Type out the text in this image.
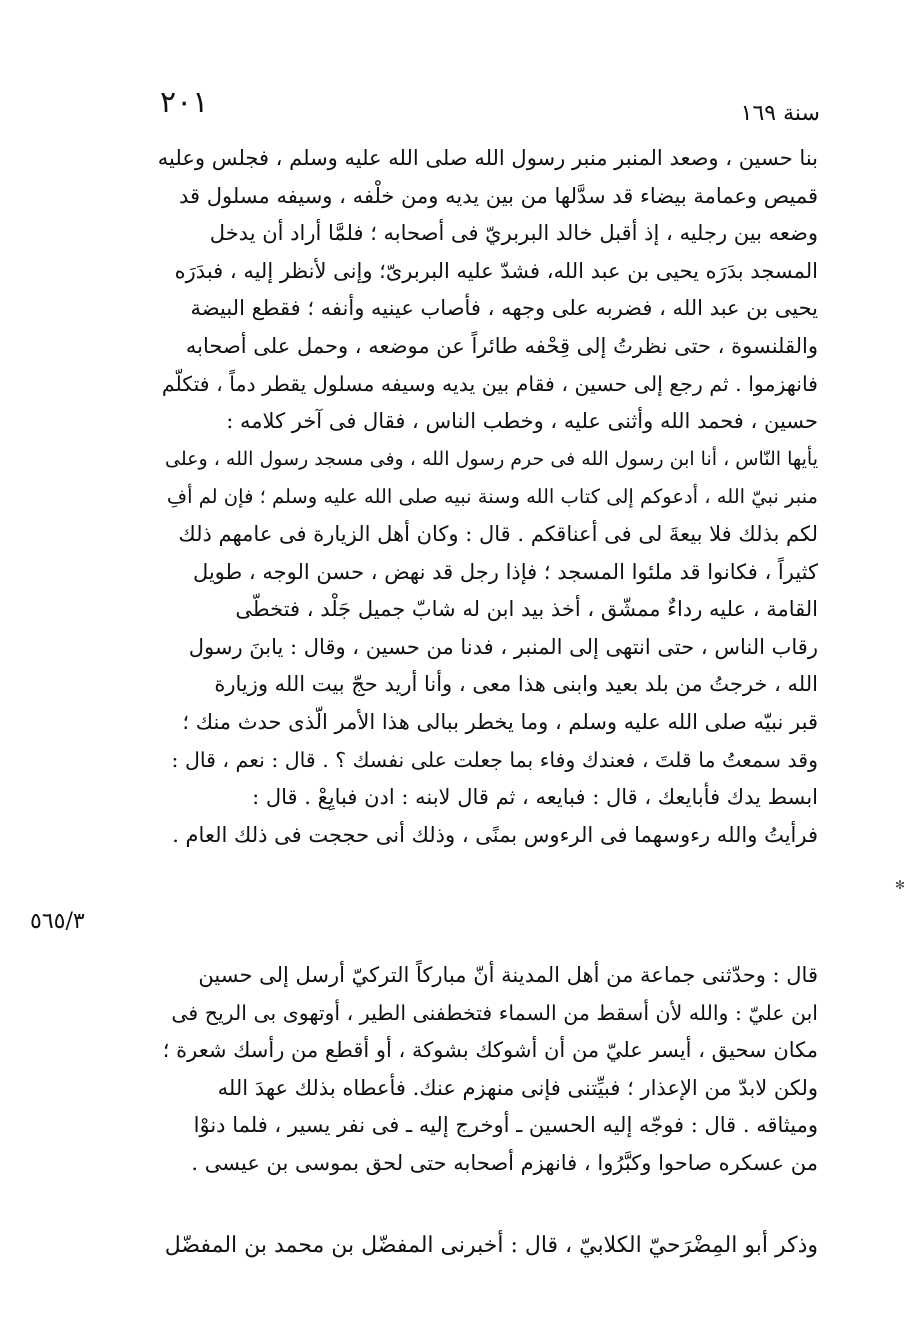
٢٠١	سنة ١٦٩
٥٦٥/٣
✻
بنا حسين ، وصعد المنبر منبر رسول الله صلى الله عليه وسلم ، فجلس وعليه
قميص وعمامة بيضاء قد سدَّلها من بين يديه ومن خلْفه ، وسيفه مسلول قد
وضعه بين رجليه ، إذ أقبل خالد البربريّ فى أصحابه ؛ فلمَّا أراد أن يدخل
المسجد بدَرَه يحيى بن عبد الله، فشدّ عليه البربرىّ؛ وإنى لأنظر إليه ، فبدَرَه
يحيى بن عبد الله ، فضربه على وجهه ، فأصاب عينيه وأنفه ؛ فقطع البيضة
والقلنسوة ، حتى نظرتُ إلى قِحْفه طائراً عن موضعه ، وحمل على أصحابه
فانهزموا . ثم رجع إلى حسين ، فقام بين يديه وسيفه مسلول يقطر دماً ، فتكلّم
حسين ، فحمد الله وأثنى عليه ، وخطب الناس ، فقال فى آخر كلامه :
يأيها النّاس ، أنا ابن رسول الله فى حرم رسول الله ، وفى مسجد رسول الله ، وعلى
منبر نبيّ الله ، أدعوكم إلى كتاب الله وسنة نبيه صلى الله عليه وسلم ؛ فإن لم أفِ
لكم بذلك فلا بيعةَ لى فى أعناقكم . قال : وكان أهل الزيارة فى عامهم ذلك
كثيراً ، فكانوا قد ملئوا المسجد ؛ فإذا رجل قد نهض ، حسن الوجه ، طويل
القامة ، عليه رداءٌ ممشّق ، أخذ بيد ابن له شابّ جميل جَلْد ، فتخطّى
رقاب الناس ، حتى انتهى إلى المنبر ، فدنا من حسين ، وقال : يابنَ رسول
الله ، خرجتُ من بلد بعيد وابنى هذا معى ، وأنا أريد حجّ بيت الله وزيارة
قبر نبيّه صلى الله عليه وسلم ، وما يخطر ببالى هذا الأمر الّذى حدث منك ؛
وقد سمعتُ ما قلتَ ، فعندك وفاء بما جعلت على نفسك ؟ . قال : نعم ، قال :
ابسط يدك فأبايعك ، قال : فبايعه ، ثم قال لابنه : ادن فبايِعْ . قال :
فرأيتُ والله رءوسهما فى الرءوس بمنًى ، وذلك أنى حججت فى ذلك العام .
قال : وحدّثنى جماعة من أهل المدينة أنّ مباركاً التركيّ أرسل إلى حسين
ابن عليّ : والله لأن أسقط من السماء فتخطفنى الطير ، أوتهوى بى الريح فى
مكان سحيق ، أيسر عليّ من أن أشوكك بشوكة ، أو أقطع من رأسك شعرة ؛
ولكن لابدّ من الإعذار ؛ فبيِّتنى فإنى منهزم عنك. فأعطاه بذلك عهدَ الله
وميثاقه . قال : فوجّه إليه الحسين ـ أوخرج إليه ـ فى نفر يسير ، فلما دنوْا
من عسكره صاحوا وكبَّرُوا ، فانهزم أصحابه حتى لحق بموسى بن عيسى .
وذكر أبو المِضْرَحيّ الكلابيّ ، قال : أخبرنى المفضّل بن محمد بن المفضّل
